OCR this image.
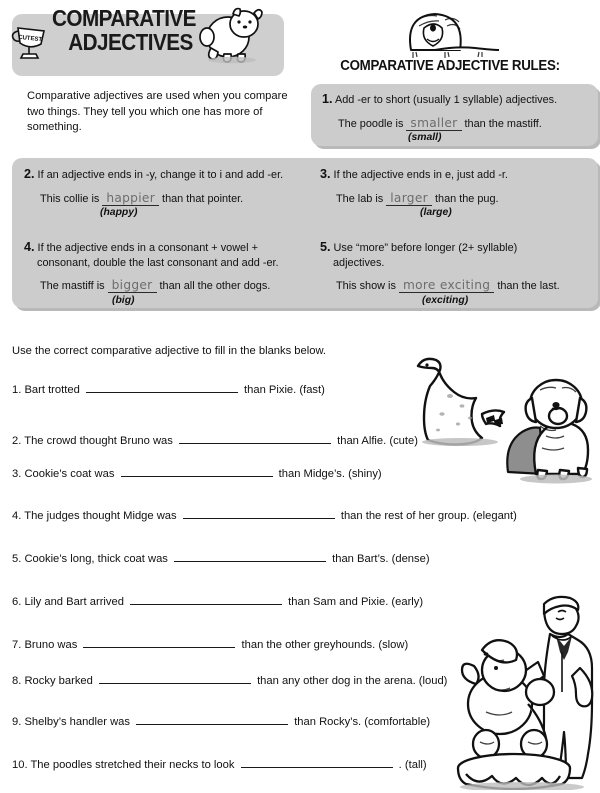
CUTEST
COMPARATIVE
ADJECTIVES
Comparative adjectives are used when you compare two things. They tell you which one has more of something.
COMPARATIVE ADJECTIVE RULES:
1. Add -er to short (usually 1 syllable) adjectives.
The poodle is smaller than the mastiff.
(small)
2. If an adjective ends in -y, change it to i and add -er.
This collie is happier than that pointer.
(happy)
3. If the adjective ends in e, just add -r.
The lab is larger than the pug.
(large)
4. If the adjective ends in a consonant + vowel +
consonant, double the last consonant and add -er.
The mastiff is bigger than all the other dogs.
(big)
5. Use “more” before longer (2+ syllable)
adjectives.
This show is more exciting than the last.
(exciting)
Use the correct comparative adjective to fill in the blanks below.
1. Bart trotted	than Pixie. (fast)
2. The crowd thought Bruno was	than Alfie. (cute)
3. Cookie’s coat was	than Midge’s. (shiny)
4. The judges thought Midge was	than the rest of her group. (elegant)
5. Cookie’s long, thick coat was	than Bart’s. (dense)
6. Lily and Bart arrived	than Sam and Pixie. (early)
7. Bruno was	than the other greyhounds. (slow)
8. Rocky barked	than any other dog in the arena. (loud)
9. Shelby’s handler was	than Rocky’s. (comfortable)
10. The poodles stretched their necks to look	. (tall)
